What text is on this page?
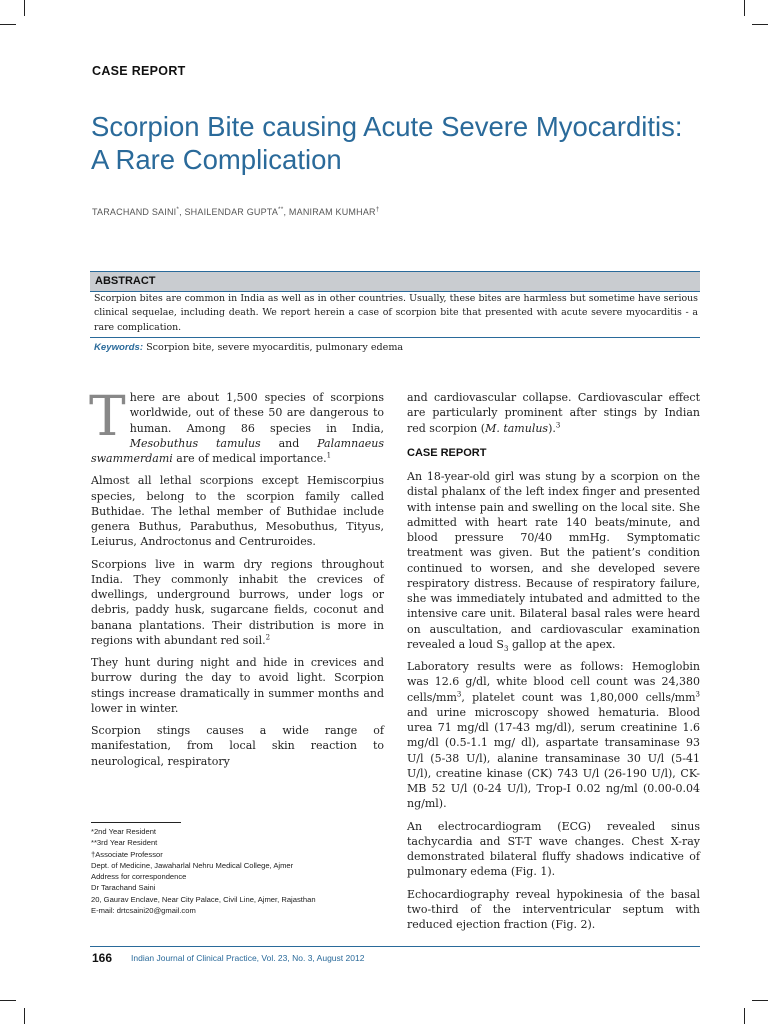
CASE REPORT
Scorpion Bite causing Acute Severe Myocarditis:
A Rare Complication
TARACHAND SAINI*, SHAILENDAR GUPTA**, MANIRAM KUMHAR†
ABSTRACT
Scorpion bites are common in India as well as in other countries. Usually, these bites are harmless but sometime have serious clinical sequelae, including death. We report herein a case of scorpion bite that presented with acute severe myocarditis - a rare complication.
Keywords: Scorpion bite, severe myocarditis, pulmonary edema

There are about 1,500 species of scorpions worldwide, out of these 50 are dangerous to human. Among 86 species in India, Mesobuthus tamulus and Palamnaeus swammerdami are of medical importance.$^1$

Almost all lethal scorpions except Hemiscorpius species, belong to the scorpion family called Buthidae. The lethal member of Buthidae include genera Buthus, Parabuthus, Mesobuthus, Tityus, Leiurus, Androctonus and Centruroides.

Scorpions live in warm dry regions throughout India. They commonly inhabit the crevices of dwellings, underground burrows, under logs or debris, paddy husk, sugarcane fields, coconut and banana plantations. Their distribution is more in regions with abundant red soil.$^2$

They hunt during night and hide in crevices and burrow during the day to avoid light. Scorpion stings increase dramatically in summer months and lower in winter.

Scorpion stings causes a wide range of manifestation, from local skin reaction to neurological, respiratory

and cardiovascular collapse. Cardiovascular effect are particularly prominent after stings by Indian red scorpion (M. tamulus).$^3$

CASE REPORT

An 18-year-old girl was stung by a scorpion on the distal phalanx of the left index finger and presented with intense pain and swelling on the local site. She admitted with heart rate 140 beats/minute, and blood pressure 70/40 mmHg. Symptomatic treatment was given. But the patient’s condition continued to worsen, and she developed severe respiratory distress. Because of respiratory failure, she was immediately intubated and admitted to the intensive care unit. Bilateral basal rales were heard on auscultation, and cardiovascular examination revealed a loud $S_3$ gallop at the apex.

Laboratory results were as follows: Hemoglobin was 12.6 g/dl, white blood cell count was 24,380 cells/$mm^3$, platelet count was 1,80,000 cells/$mm^3$ and urine microscopy showed hematuria. Blood urea 71 mg/dl (17-43 mg/dl), serum creatinine 1.6 mg/dl (0.5-1.1 mg/ dl), aspartate transaminase 93 U/l (5-38 U/l), alanine transaminase 30 U/l (5-41 U/l), creatine kinase (CK) 743 U/l (26-190 U/l), CK-MB 52 U/l (0-24 U/l), Trop-I 0.02 ng/ml (0.00-0.04 ng/ml).

An electrocardiogram (ECG) revealed sinus tachycardia and ST-T wave changes. Chest X-ray demonstrated bilateral fluffy shadows indicative of pulmonary edema (Fig. 1).

Echocardiography reveal hypokinesia of the basal two-third of the interventricular septum with reduced ejection fraction (Fig. 2).

*2nd Year Resident
**3rd Year Resident
†Associate Professor
Dept. of Medicine, Jawaharlal Nehru Medical College, Ajmer
Address for correspondence
Dr Tarachand Saini
20, Gaurav Enclave, Near City Palace, Civil Line, Ajmer, Rajasthan
E-mail: drtcsaini20@gmail.com
166 Indian Journal of Clinical Practice, Vol. 23, No. 3, August 2012
